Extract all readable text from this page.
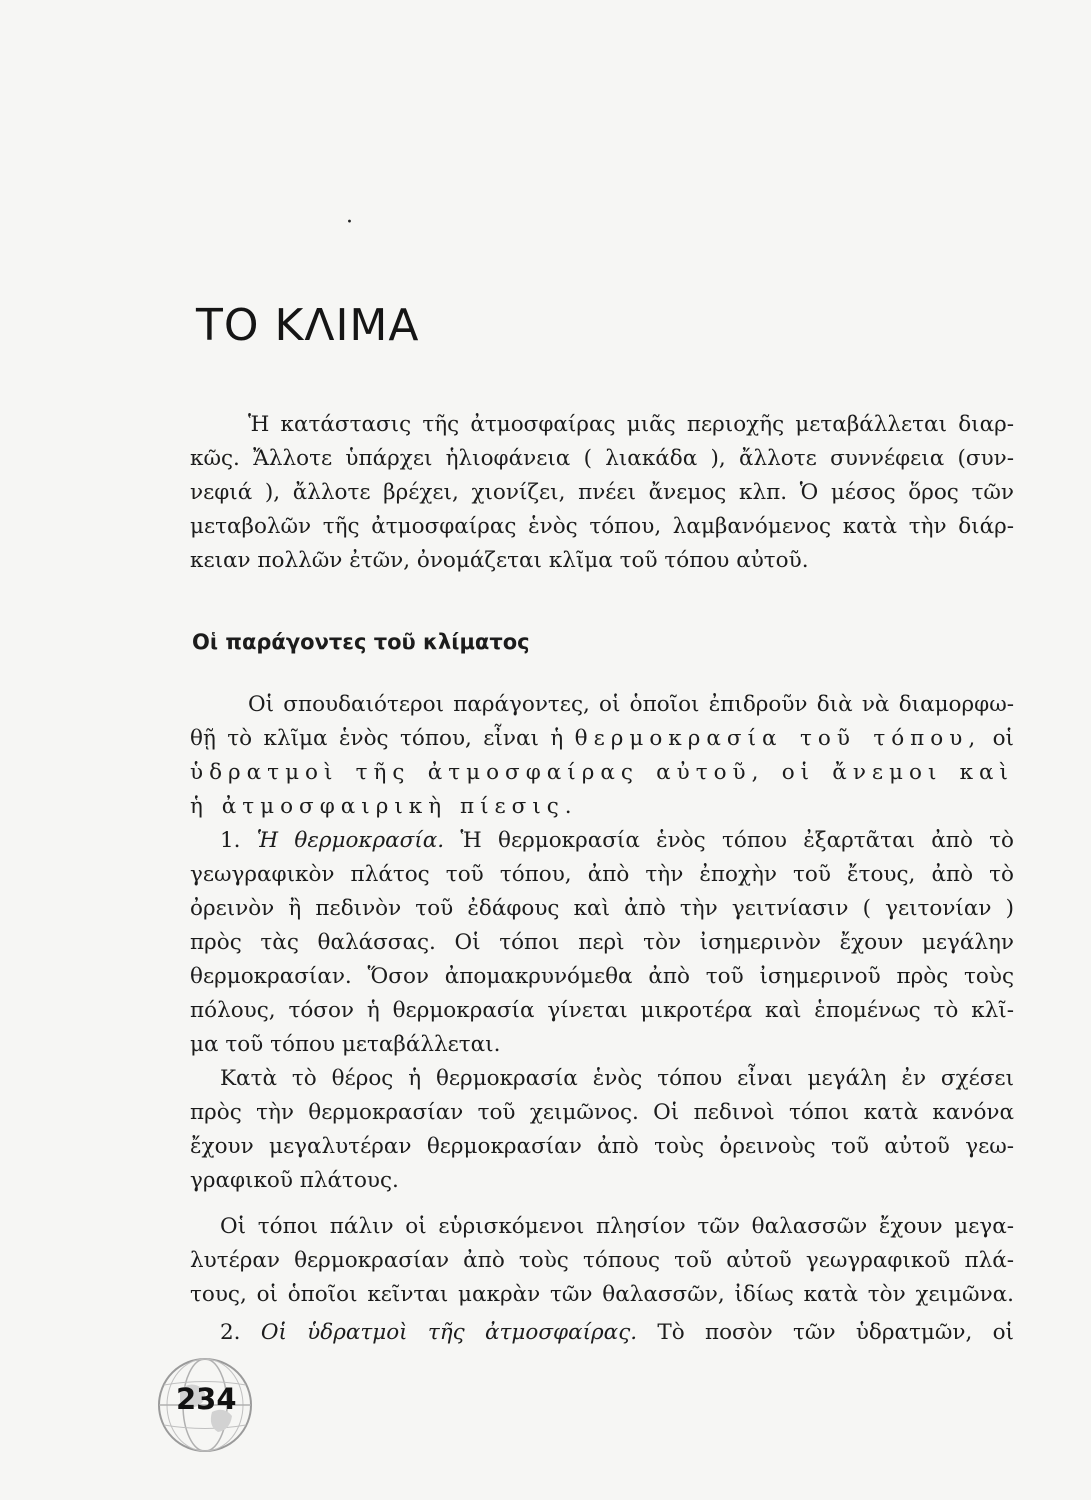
·
ΤΟ ΚΛΙΜΑ
Ἡ κατάστασις τῆς ἀτμοσφαίρας μιᾶς περιοχῆς μεταβάλλεται διαρ-
κῶς. Ἄλλοτε ὑπάρχει ἡλιοφάνεια ( λιακάδα ), ἄλλοτε συννέφεια (συν-
νεφιά ), ἄλλοτε βρέχει, χιονίζει, πνέει ἄνεμος κλπ. Ὁ μέσος ὅρος τῶν
μεταβολῶν τῆς ἀτμοσφαίρας ἑνὸς τόπου, λαμβανόμενος κατὰ τὴν διάρ-
κειαν πολλῶν ἐτῶν, ὀνομάζεται κλῖμα τοῦ τόπου αὐτοῦ.
Οἱ παράγοντες τοῦ κλίματος
Οἱ σπουδαιότεροι παράγοντες, οἱ ὁποῖοι ἐπιδροῦν διὰ νὰ διαμορφω-
θῇ τὸ κλῖμα ἑνὸς τόπου, εἶναι ἡ θερμοκρασία τοῦ τόπου, οἱ
ὑδρατμοὶ τῆς ἀτμοσφαίρας αὐτοῦ, οἱ ἄνεμοι καὶ
ἡ ἀτμοσφαιρικὴ πίεσις.
1. Ἡ θερμοκρασία. Ἡ θερμοκρασία ἑνὸς τόπου ἐξαρτᾶται ἀπὸ τὸ
γεωγραφικὸν πλάτος τοῦ τόπου, ἀπὸ τὴν ἐποχὴν τοῦ ἔτους, ἀπὸ τὸ
ὀρεινὸν ἢ πεδινὸν τοῦ ἐδάφους καὶ ἀπὸ τὴν γειτνίασιν ( γειτονίαν )
πρὸς τὰς θαλάσσας. Οἱ τόποι περὶ τὸν ἰσημερινὸν ἔχουν μεγάλην
θερμοκρασίαν. Ὅσον ἀπομακρυνόμεθα ἀπὸ τοῦ ἰσημερινοῦ πρὸς τοὺς
πόλους, τόσον ἡ θερμοκρασία γίνεται μικροτέρα καὶ ἑπομένως τὸ κλῖ-
μα τοῦ τόπου μεταβάλλεται.
Κατὰ τὸ θέρος ἡ θερμοκρασία ἑνὸς τόπου εἶναι μεγάλη ἐν σχέσει
πρὸς τὴν θερμοκρασίαν τοῦ χειμῶνος. Οἱ πεδινοὶ τόποι κατὰ κανόνα
ἔχουν μεγαλυτέραν θερμοκρασίαν ἀπὸ τοὺς ὀρεινοὺς τοῦ αὐτοῦ γεω-
γραφικοῦ πλάτους.
Οἱ τόποι πάλιν οἱ εὑρισκόμενοι πλησίον τῶν θαλασσῶν ἔχουν μεγα-
λυτέραν θερμοκρασίαν ἀπὸ τοὺς τόπους τοῦ αὐτοῦ γεωγραφικοῦ πλά-
τους, οἱ ὁποῖοι κεῖνται μακρὰν τῶν θαλασσῶν, ἰδίως κατὰ τὸν χειμῶνα.
2. Οἱ ὑδρατμοὶ τῆς ἀτμοσφαίρας. Τὸ ποσὸν τῶν ὑδρατμῶν, οἱ
234
